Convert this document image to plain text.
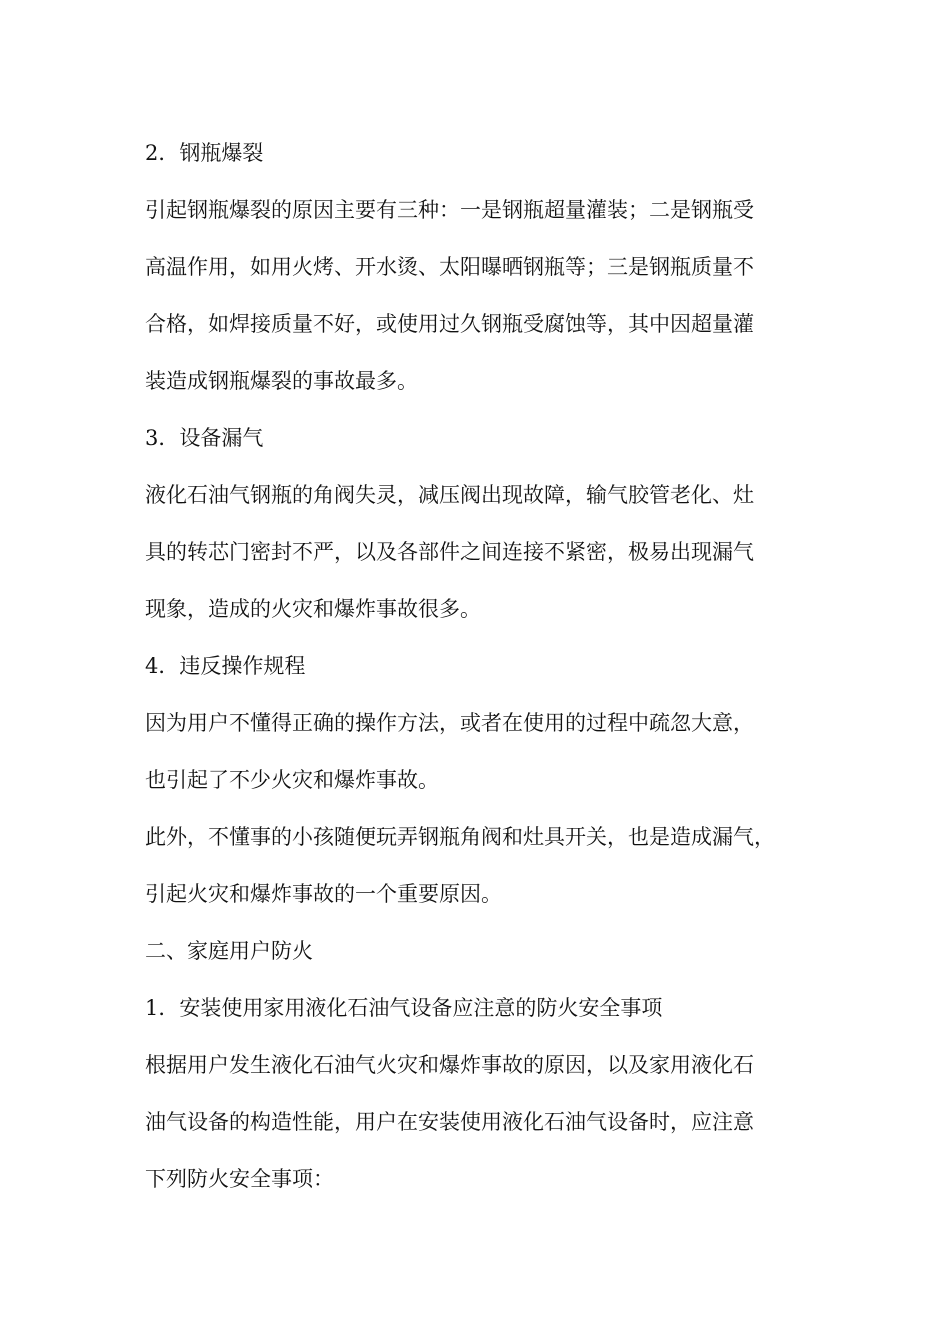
2．钢瓶爆裂

引起钢瓶爆裂的原因主要有三种：一是钢瓶超量灌装；二是钢瓶受

高温作用，如用火烤、开水烫、太阳曝晒钢瓶等；三是钢瓶质量不

合格，如焊接质量不好，或使用过久钢瓶受腐蚀等，其中因超量灌

装造成钢瓶爆裂的事故最多。

3．设备漏气

液化石油气钢瓶的角阀失灵，减压阀出现故障，输气胶管老化、灶

具的转芯门密封不严，以及各部件之间连接不紧密，极易出现漏气

现象，造成的火灾和爆炸事故很多。

4．违反操作规程

因为用户不懂得正确的操作方法，或者在使用的过程中疏忽大意，

也引起了不少火灾和爆炸事故。

此外，不懂事的小孩随便玩弄钢瓶角阀和灶具开关，也是造成漏气，

引起火灾和爆炸事故的一个重要原因。

二、家庭用户防火

1．安装使用家用液化石油气设备应注意的防火安全事项

根据用户发生液化石油气火灾和爆炸事故的原因，以及家用液化石

油气设备的构造性能，用户在安装使用液化石油气设备时，应注意

下列防火安全事项：
